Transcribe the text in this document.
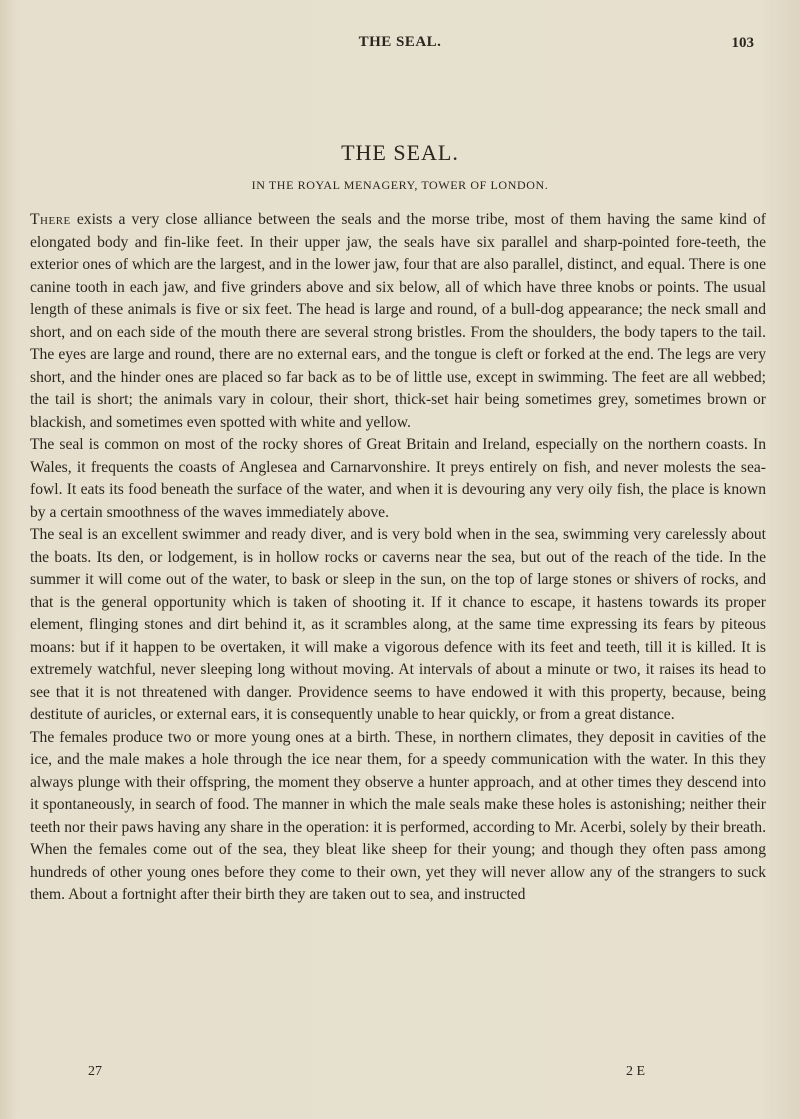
THE SEAL.	103
THE SEAL.
IN THE ROYAL MENAGERY, TOWER OF LONDON.

There exists a very close alliance between the seals and the morse tribe, most of them having the same kind of elongated body and fin-like feet. In their upper jaw, the seals have six parallel and sharp-pointed fore-teeth, the exterior ones of which are the largest, and in the lower jaw, four that are also parallel, distinct, and equal. There is one canine tooth in each jaw, and five grinders above and six below, all of which have three knobs or points. The usual length of these animals is five or six feet. The head is large and round, of a bull-dog appearance; the neck small and short, and on each side of the mouth there are several strong bristles. From the shoulders, the body tapers to the tail. The eyes are large and round, there are no external ears, and the tongue is cleft or forked at the end. The legs are very short, and the hinder ones are placed so far back as to be of little use, except in swimming. The feet are all webbed; the tail is short; the animals vary in colour, their short, thick-set hair being sometimes grey, sometimes brown or blackish, and sometimes even spotted with white and yellow.

The seal is common on most of the rocky shores of Great Britain and Ireland, especially on the northern coasts. In Wales, it frequents the coasts of Anglesea and Carnarvonshire. It preys entirely on fish, and never molests the sea-fowl. It eats its food beneath the surface of the water, and when it is devouring any very oily fish, the place is known by a certain smoothness of the waves immediately above.

The seal is an excellent swimmer and ready diver, and is very bold when in the sea, swimming very carelessly about the boats. Its den, or lodgement, is in hollow rocks or caverns near the sea, but out of the reach of the tide. In the summer it will come out of the water, to bask or sleep in the sun, on the top of large stones or shivers of rocks, and that is the general opportunity which is taken of shooting it. If it chance to escape, it hastens towards its proper element, flinging stones and dirt behind it, as it scrambles along, at the same time expressing its fears by piteous moans: but if it happen to be overtaken, it will make a vigorous defence with its feet and teeth, till it is killed. It is extremely watchful, never sleeping long without moving. At intervals of about a minute or two, it raises its head to see that it is not threatened with danger. Providence seems to have endowed it with this property, because, being destitute of auricles, or external ears, it is consequently unable to hear quickly, or from a great distance.

The females produce two or more young ones at a birth. These, in northern climates, they deposit in cavities of the ice, and the male makes a hole through the ice near them, for a speedy communication with the water. In this they always plunge with their offspring, the moment they observe a hunter approach, and at other times they descend into it spontaneously, in search of food. The manner in which the male seals make these holes is astonishing; neither their teeth nor their paws having any share in the operation: it is performed, according to Mr. Acerbi, solely by their breath. When the females come out of the sea, they bleat like sheep for their young; and though they often pass among hundreds of other young ones before they come to their own, yet they will never allow any of the strangers to suck them. About a fortnight after their birth they are taken out to sea, and instructed

27	2 E
